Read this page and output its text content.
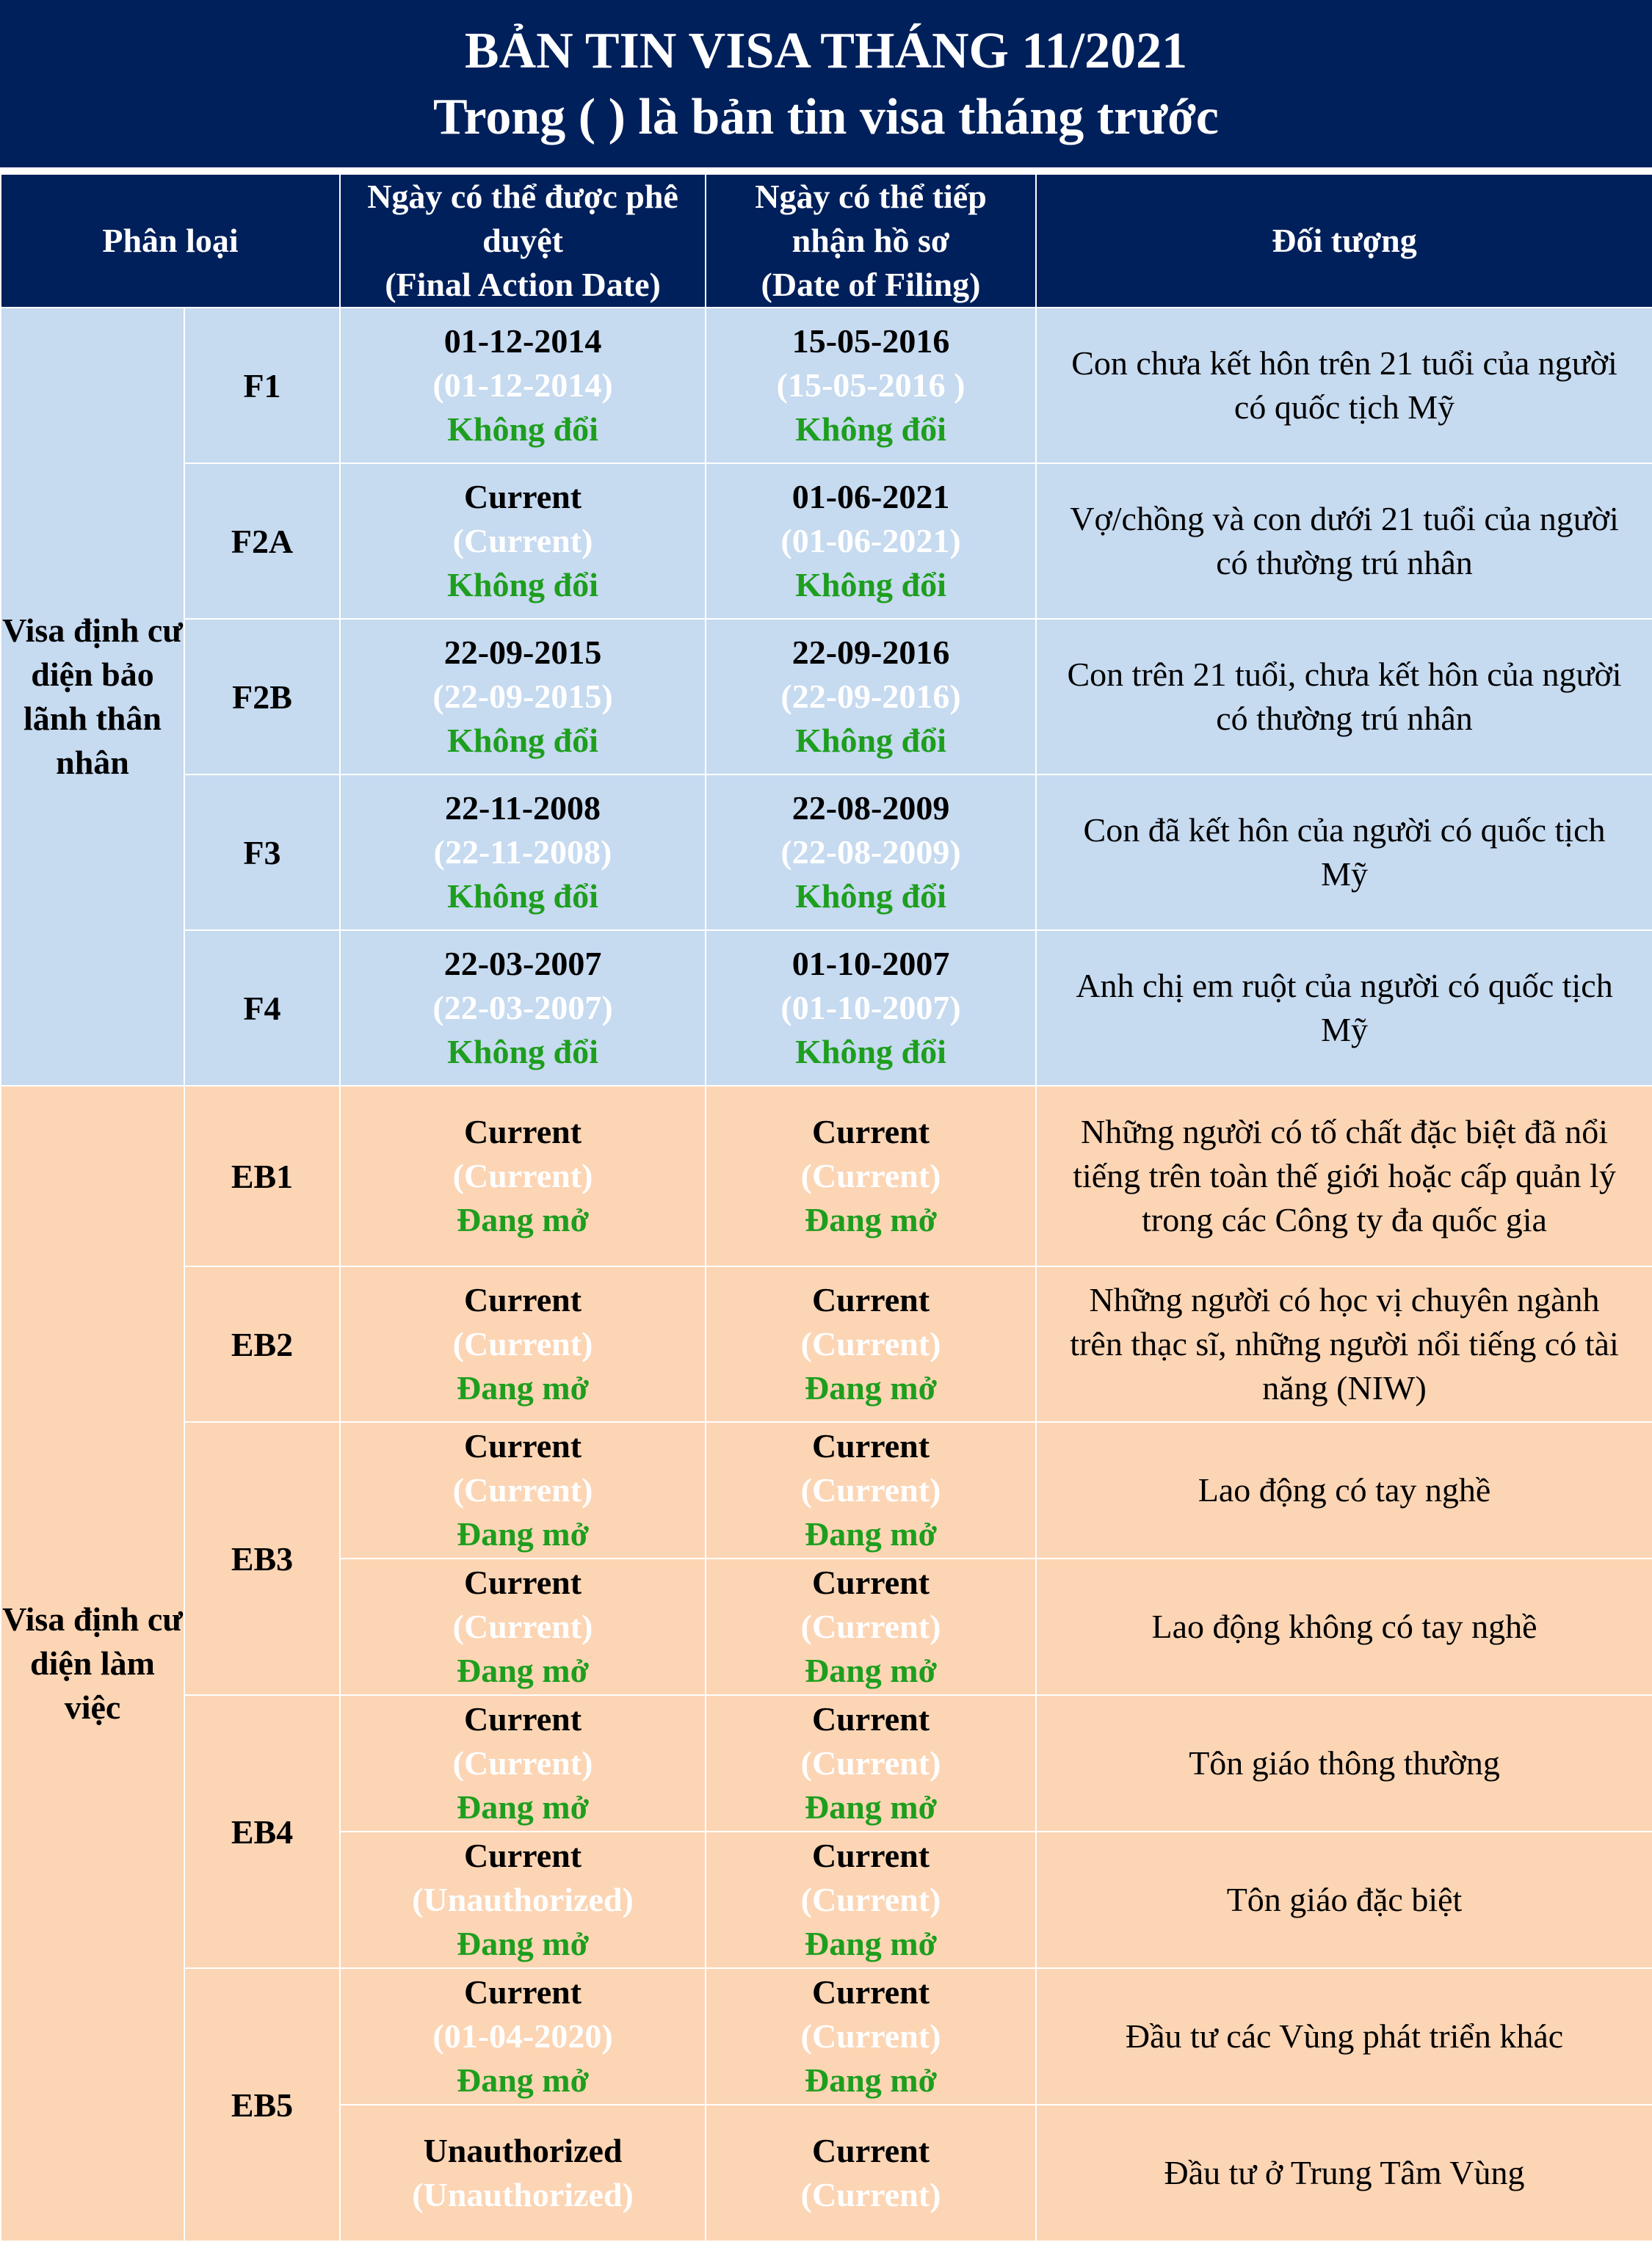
BẢN TIN VISA THÁNG 11/2021
Trong ( ) là bản tin visa tháng trước
Phân loại		Ngày có thể được phê
duyệt
(Final Action Date)	Ngày có thể tiếp
nhận hồ sơ
(Date of Filing)	Đối tượng
Visa định cư diện bảo lãnh thân nhân	F1	01-12-2014
(01-12-2014)
Không đổi	15-05-2016
(15-05-2016 )
Không đổi	Con chưa kết hôn trên 21 tuổi của người
có quốc tịch Mỹ

	F2A	Current
(Current)
Không đổi	01-06-2021
(01-06-2021)
Không đổi	Vợ/chồng và con dưới 21 tuổi của người
có thường trú nhân

	F2B	22-09-2015
(22-09-2015)
Không đổi	22-09-2016
(22-09-2016)
Không đổi	Con trên 21 tuổi, chưa kết hôn của người
có thường trú nhân

	F3	22-11-2008
(22-11-2008)
Không đổi	22-08-2009
(22-08-2009)
Không đổi	Con đã kết hôn của người có quốc tịch
Mỹ

	F4	22-03-2007
(22-03-2007)
Không đổi	01-10-2007
(01-10-2007)
Không đổi	Anh chị em ruột của người có quốc tịch
Mỹ

Visa định cư diện làm việc	EB1	Current
(Current)
Đang mở	Current
(Current)
Đang mở	Những người có tố chất đặc biệt đã nổi
tiếng trên toàn thế giới hoặc cấp quản lý
trong các Công ty đa quốc gia

	EB2	Current
(Current)
Đang mở	Current
(Current)
Đang mở	Những người có học vị chuyên ngành
trên thạc sĩ, những người nổi tiếng có tài
năng (NIW)

	EB3	Current
(Current)
Đang mở	Current
(Current)
Đang mở	Lao động có tay nghề

		Current
(Current)
Đang mở	Current
(Current)
Đang mở	Lao động không có tay nghề

	EB4	Current
(Current)
Đang mở	Current
(Current)
Đang mở	Tôn giáo thông thường

		Current
(Unauthorized)
Đang mở	Current
(Current)
Đang mở	Tôn giáo đặc biệt

	EB5	Current
(01-04-2020)
Đang mở	Current
(Current)
Đang mở	Đầu tư các Vùng phát triển khác

		Unauthorized
(Unauthorized)	Current
(Current)	Đầu tư ở Trung Tâm Vùng
